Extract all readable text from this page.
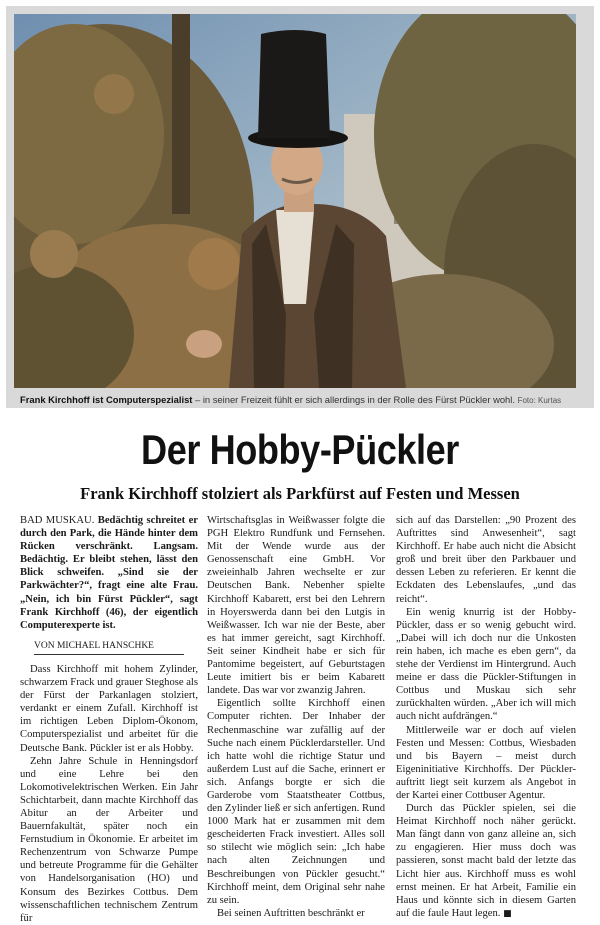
Frank Kirchhoff ist Computerspezialist – in seiner Freizeit fühlt er sich allerdings in der Rolle des Fürst Pückler wohl. Foto: Kurtas
Der Hobby-Pückler
Frank Kirchhoff stolziert als Parkfürst auf Festen und Messen

BAD MUSKAU. Bedächtig schreitet er durch den Park, die Hände hinter dem Rücken verschränkt. Langsam. Bedächtig. Er bleibt stehen, lässt den Blick schweifen. „Sind sie der Parkwächter?“, fragt eine alte Frau. „Nein, ich bin Fürst Pückler“, sagt Frank Kirchhoff (46), der eigentlich Computerexperte ist.

VON MICHAEL HANSCHKE

Dass Kirchhoff mit hohem Zylinder, schwarzem Frack und grauer Steghose als der Fürst der Parkanlagen stolziert, verdankt er einem Zufall. Kirchhoff ist im richtigen Leben Diplom-Ökonom, Computerspezialist und arbeitet für die Deutsche Bank. Pückler ist er als Hobby.

Zehn Jahre Schule in Henningsdorf und eine Lehre bei den Lokomotivelektrischen Werken. Ein Jahr Schichtarbeit, dann machte Kirchhoff das Abitur an der Arbeiter und Bauernfakultät, später noch ein Fernstudium in Ökonomie. Er arbeitet im Rechenzentrum von Schwarze Pumpe und betreute Programme für die Gehälter von Handelsorganisation (HO) und Konsum des Bezirkes Cottbus. Dem wissenschaftlichen technischem Zentrum für

Wirtschaftsglas in Weißwasser folgte die PGH Elektro Rundfunk und Fernsehen. Mit der Wende wurde aus der Genossenschaft eine GmbH. Vor zweieinhalb Jahren wechselte er zur Deutschen Bank. Nebenher spielte Kirchhoff Kabarett, erst bei den Lehrern in Hoyerswerda dann bei den Lutgis in Weißwasser. Ich war nie der Beste, aber es hat immer gereicht, sagt Kirchhoff. Seit seiner Kindheit habe er sich für Pantomime begeistert, auf Geburtstagen Leute imitiert bis er beim Kabarett landete. Das war vor zwanzig Jahren.

Eigentlich sollte Kirchhoff einen Computer richten. Der Inhaber der Rechenmaschine war zufällig auf der Suche nach einem Pücklerdarsteller. Und ich hatte wohl die richtige Statur und außerdem Lust auf die Sache, erinnert er sich. Anfangs borgte er sich die Garderobe vom Staatstheater Cottbus, den Zylinder ließ er sich anfertigen. Rund 1000 Mark hat er zusammen mit dem gescheiderten Frack investiert. Alles soll so stilecht wie möglich sein: „Ich habe nach alten Zeichnungen und Beschreibungen von Pückler gesucht.“ Kirchhoff meint, dem Original sehr nahe zu sein.

Bei seinen Auftritten beschränkt er

sich auf das Darstellen: „90 Prozent des Auftrittes sind Anwesenheit“, sagt Kirchhoff. Er habe auch nicht die Absicht groß und breit über den Parkbauer und dessen Leben zu referieren. Er kennt die Eckdaten des Lebenslaufes, „und das reicht“.

Ein wenig knurrig ist der Hobby-Pückler, dass er so wenig gebucht wird. „Dabei will ich doch nur die Unkosten rein haben, ich mache es eben gern“, da stehe der Verdienst im Hintergrund. Auch meine er dass die Pückler-Stiftungen in Cottbus und Muskau sich sehr zurückhalten würden. „Aber ich will mich auch nicht aufdrängen.“

Mittlerweile war er doch auf vielen Festen und Messen: Cottbus, Wiesbaden und bis Bayern – meist durch Eigeninitiative Kirchhoffs. Der Pücklerauftritt liegt seit kurzem als Angebot in der Kartei einer Cottbuser Agentur.

Durch das Pückler spielen, sei die Heimat Kirchhoff noch näher gerückt. Man fängt dann von ganz alleine an, sich zu engagieren. Hier muss doch was passieren, sonst macht bald der letzte das Licht hier aus. Kirchhoff muss es wohl ernst meinen. Er hat Arbeit, Familie ein Haus und könnte sich in diesem Garten auf die faule Haut legen. ■
